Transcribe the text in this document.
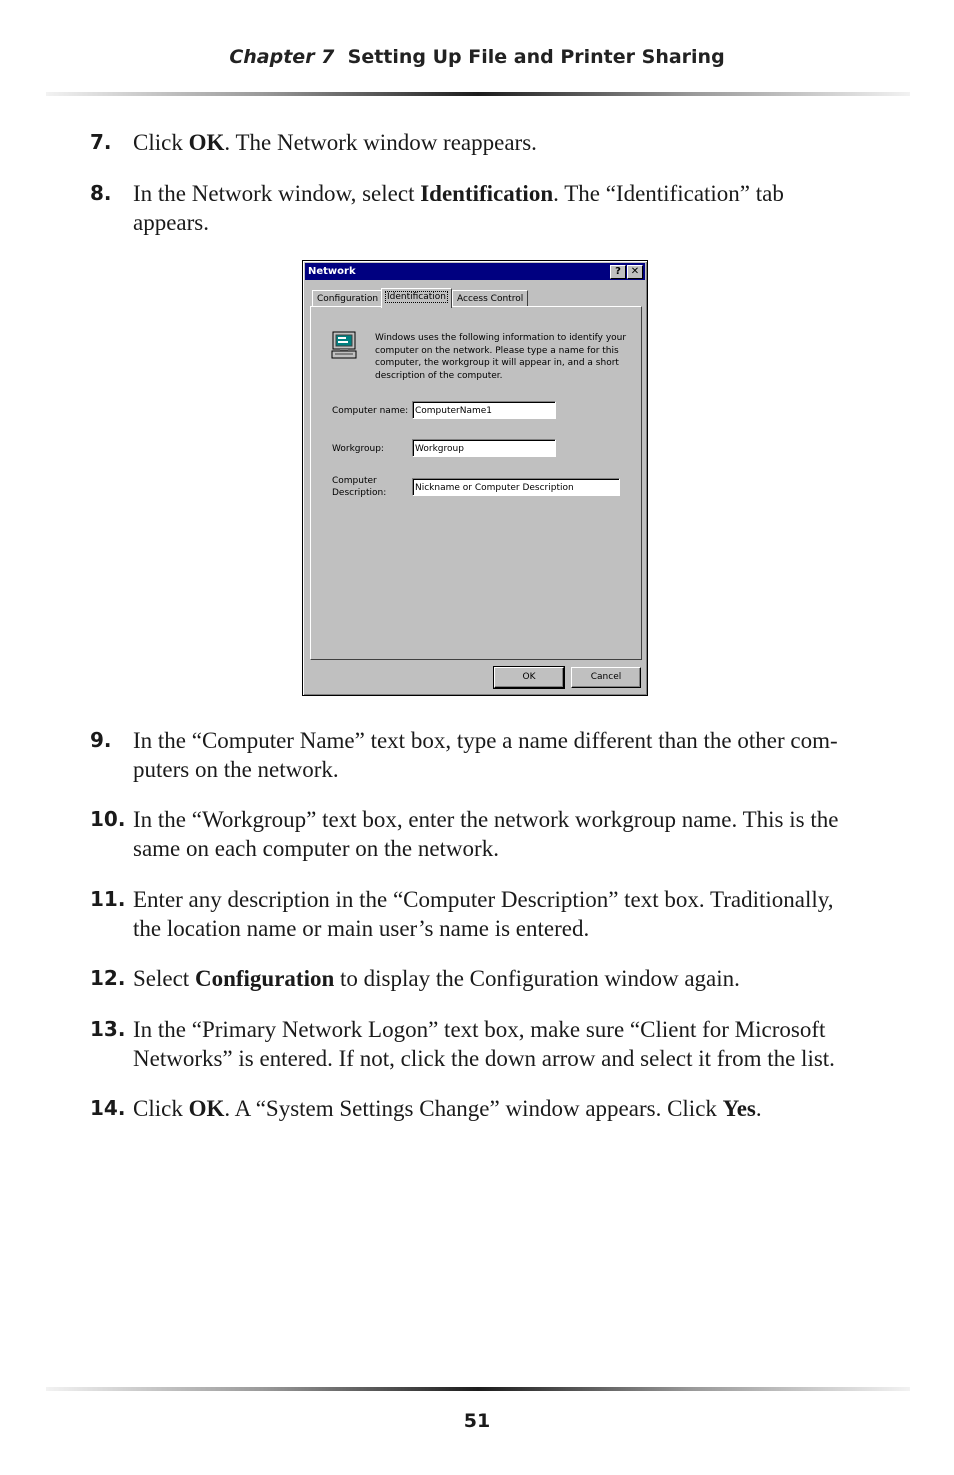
Chapter 7 Setting Up File and Printer Sharing
7. Click OK. The Network window reappears.
8. In the Network window, select Identification. The “Identification” tab appears.
Network	? ✕
Configuration Identification	Access Control
Windows uses the following information to identify your computer on the network. Please type a name for this computer, the workgroup it will appear in, and a short description of the computer.
Computer name: ComputerName1
Workgroup:	Workgroup
Computer
Description:	Nickname or Computer Description
OK	Cancel
9. In the “Computer Name” text box, type a name different than the other com-
puters on the network.
10. In the “Workgroup” text box, enter the network workgroup name. This is the
same on each computer on the network.
11. Enter any description in the “Computer Description” text box. Traditionally,
the location name or main user’s name is entered.
12. Select Configuration to display the Configuration window again.
13. In the “Primary Network Logon” text box, make sure “Client for Microsoft
Networks” is entered. If not, click the down arrow and select it from the list.
14. Click OK. A “System Settings Change” window appears. Click Yes.
51
